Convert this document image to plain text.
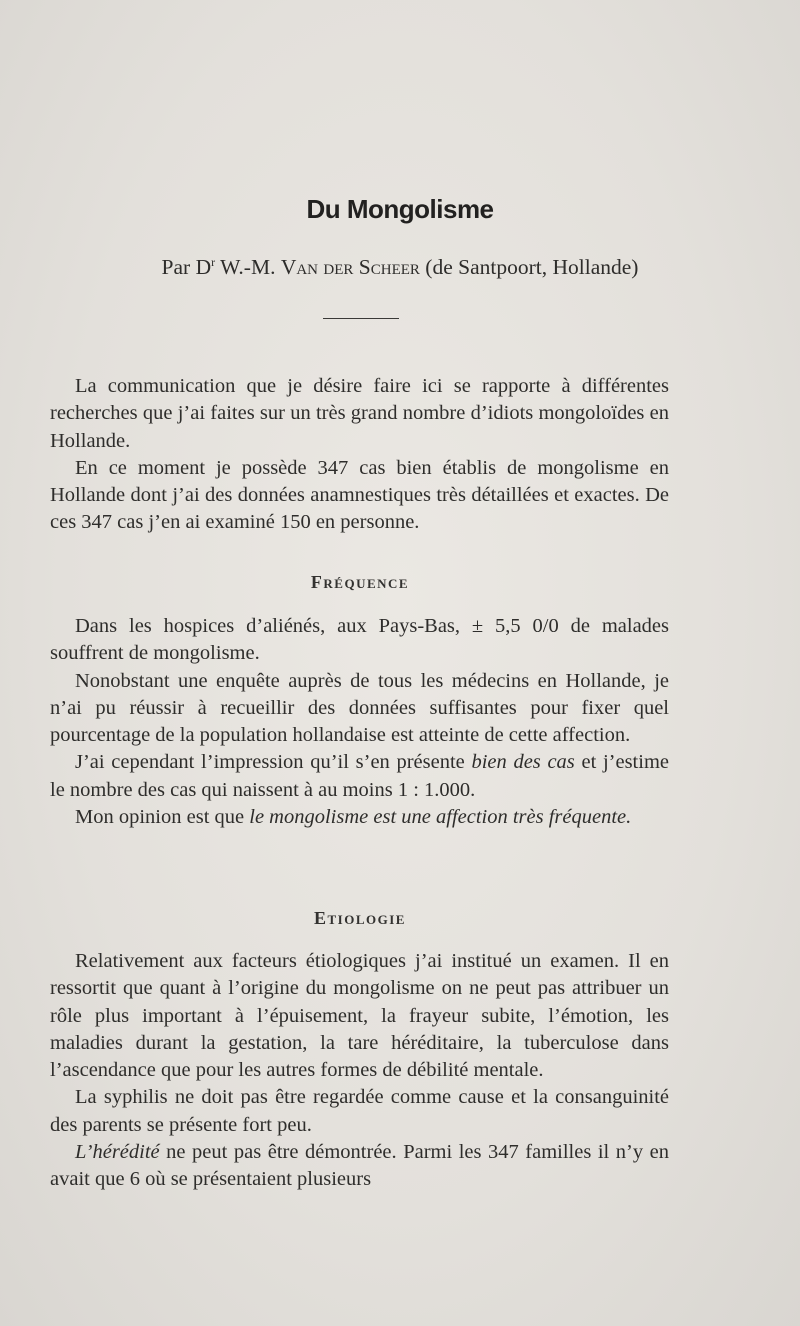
Du Mongolisme

Par $D^r$ W.-M. Van der Scheer (de Santpoort, Hollande)

La communication que je désire faire ici se rapporte à différentes recherches que j’ai faites sur un très grand nombre d’idiots mongoloïdes en Hollande.

En ce moment je possède 347 cas bien établis de mongolisme en Hollande dont j’ai des données anamnestiques très détaillées et exactes. De ces 347 cas j’en ai examiné 150 en personne.

Fréquence

Dans les hospices d’aliénés, aux Pays-Bas, ± 5,5 0/0 de malades souffrent de mongolisme.

Nonobstant une enquête auprès de tous les médecins en Hollande, je n’ai pu réussir à recueillir des données suffisantes pour fixer quel pourcentage de la population hollandaise est atteinte de cette affection.

J’ai cependant l’impression qu’il s’en présente bien des cas et j’estime le nombre des cas qui naissent à au moins 1 : 1.000.

Mon opinion est que le mongolisme est une affection très fréquente.

Etiologie

Relativement aux facteurs étiologiques j’ai institué un examen. Il en ressortit que quant à l’origine du mongolisme on ne peut pas attribuer un rôle plus important à l’épuisement, la frayeur subite, l’émotion, les maladies durant la gestation, la tare héréditaire, la tuberculose dans l’ascendance que pour les autres formes de débilité mentale.

La syphilis ne doit pas être regardée comme cause et la consanguinité des parents se présente fort peu.

L’hérédité ne peut pas être démontrée. Parmi les 347 familles il n’y en avait que 6 où se présentaient plusieurs
